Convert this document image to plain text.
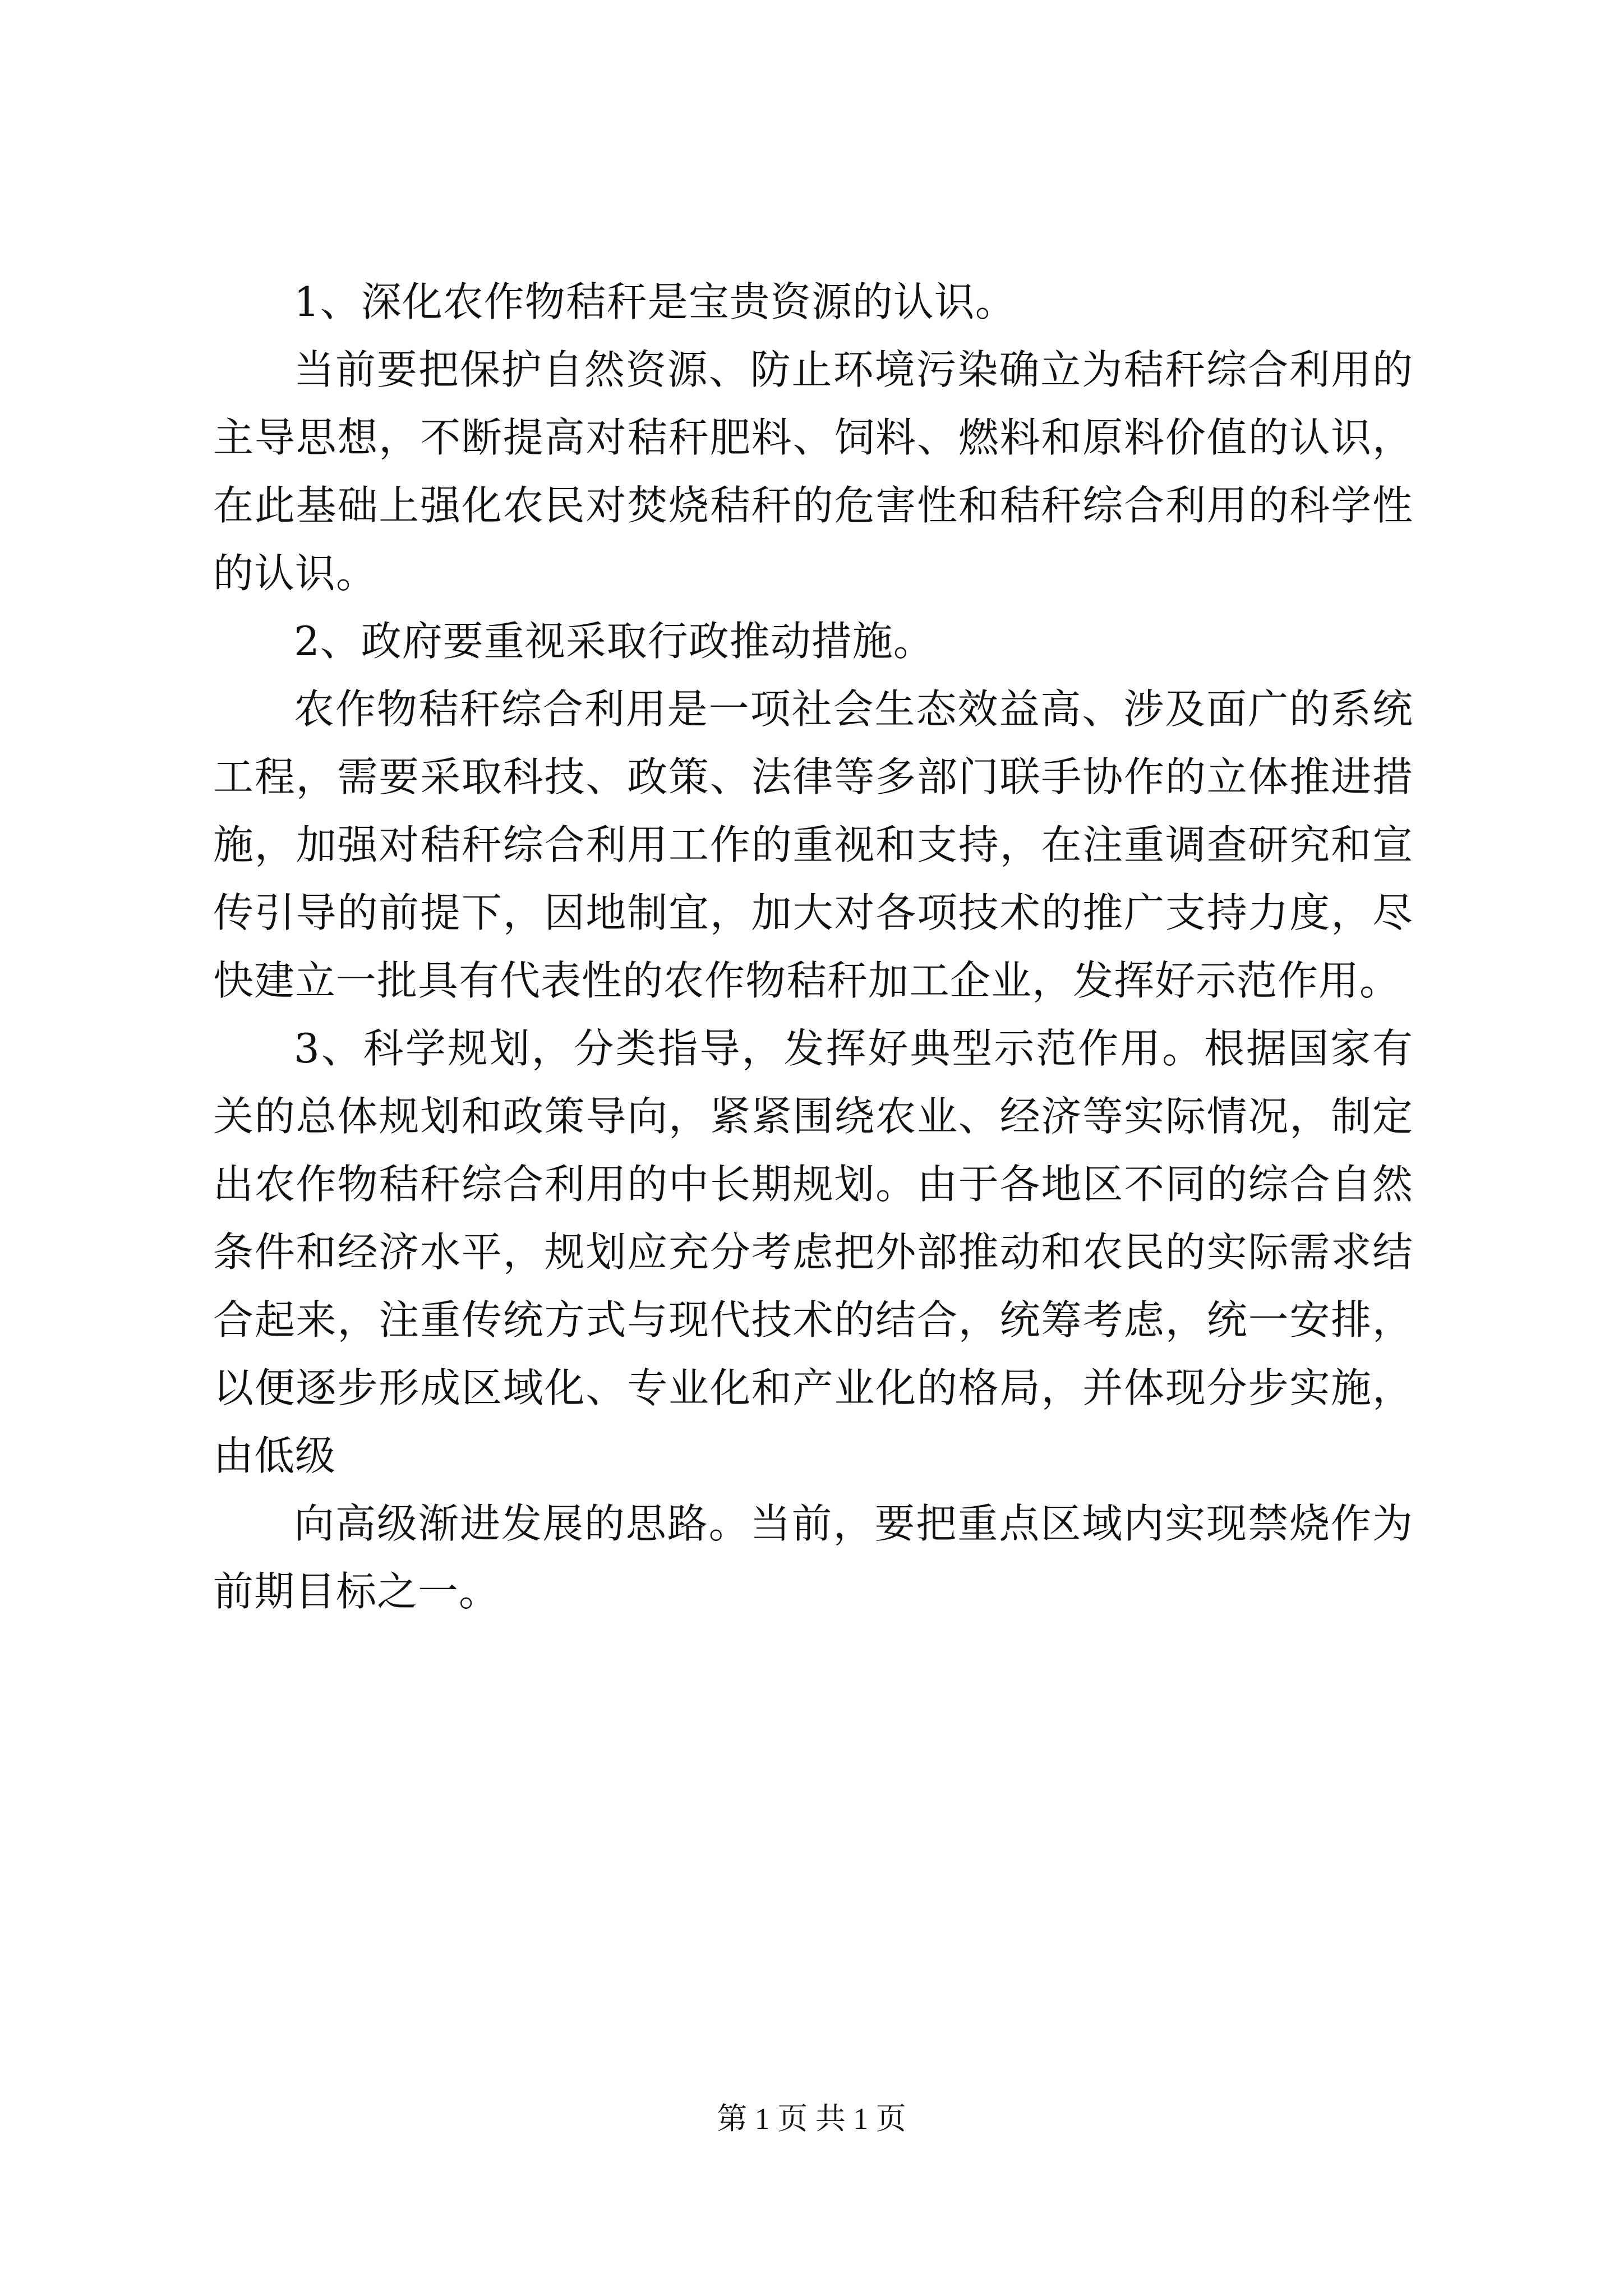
1、深化农作物秸秆是宝贵资源的认识。

当前要把保护自然资源、防止环境污染确立为秸秆综合利用的主导思想，不断提高对秸秆肥料、饲料、燃料和原料价值的认识，在此基础上强化农民对焚烧秸秆的危害性和秸秆综合利用的科学性的认识。

2、政府要重视采取行政推动措施。

农作物秸秆综合利用是一项社会生态效益高、涉及面广的系统工程，需要采取科技、政策、法律等多部门联手协作的立体推进措施，加强对秸秆综合利用工作的重视和支持，在注重调查研究和宣传引导的前提下，因地制宜，加大对各项技术的推广支持力度，尽快建立一批具有代表性的农作物秸秆加工企业，发挥好示范作用。

3、科学规划，分类指导，发挥好典型示范作用。根据国家有关的总体规划和政策导向，紧紧围绕农业、经济等实际情况，制定出农作物秸秆综合利用的中长期规划。由于各地区不同的综合自然条件和经济水平，规划应充分考虑把外部推动和农民的实际需求结合起来，注重传统方式与现代技术的结合，统筹考虑，统一安排，以便逐步形成区域化、专业化和产业化的格局，并体现分步实施，由低级

向高级渐进发展的思路。当前，要把重点区域内实现禁烧作为前期目标之一。

第 1 页 共 1 页
